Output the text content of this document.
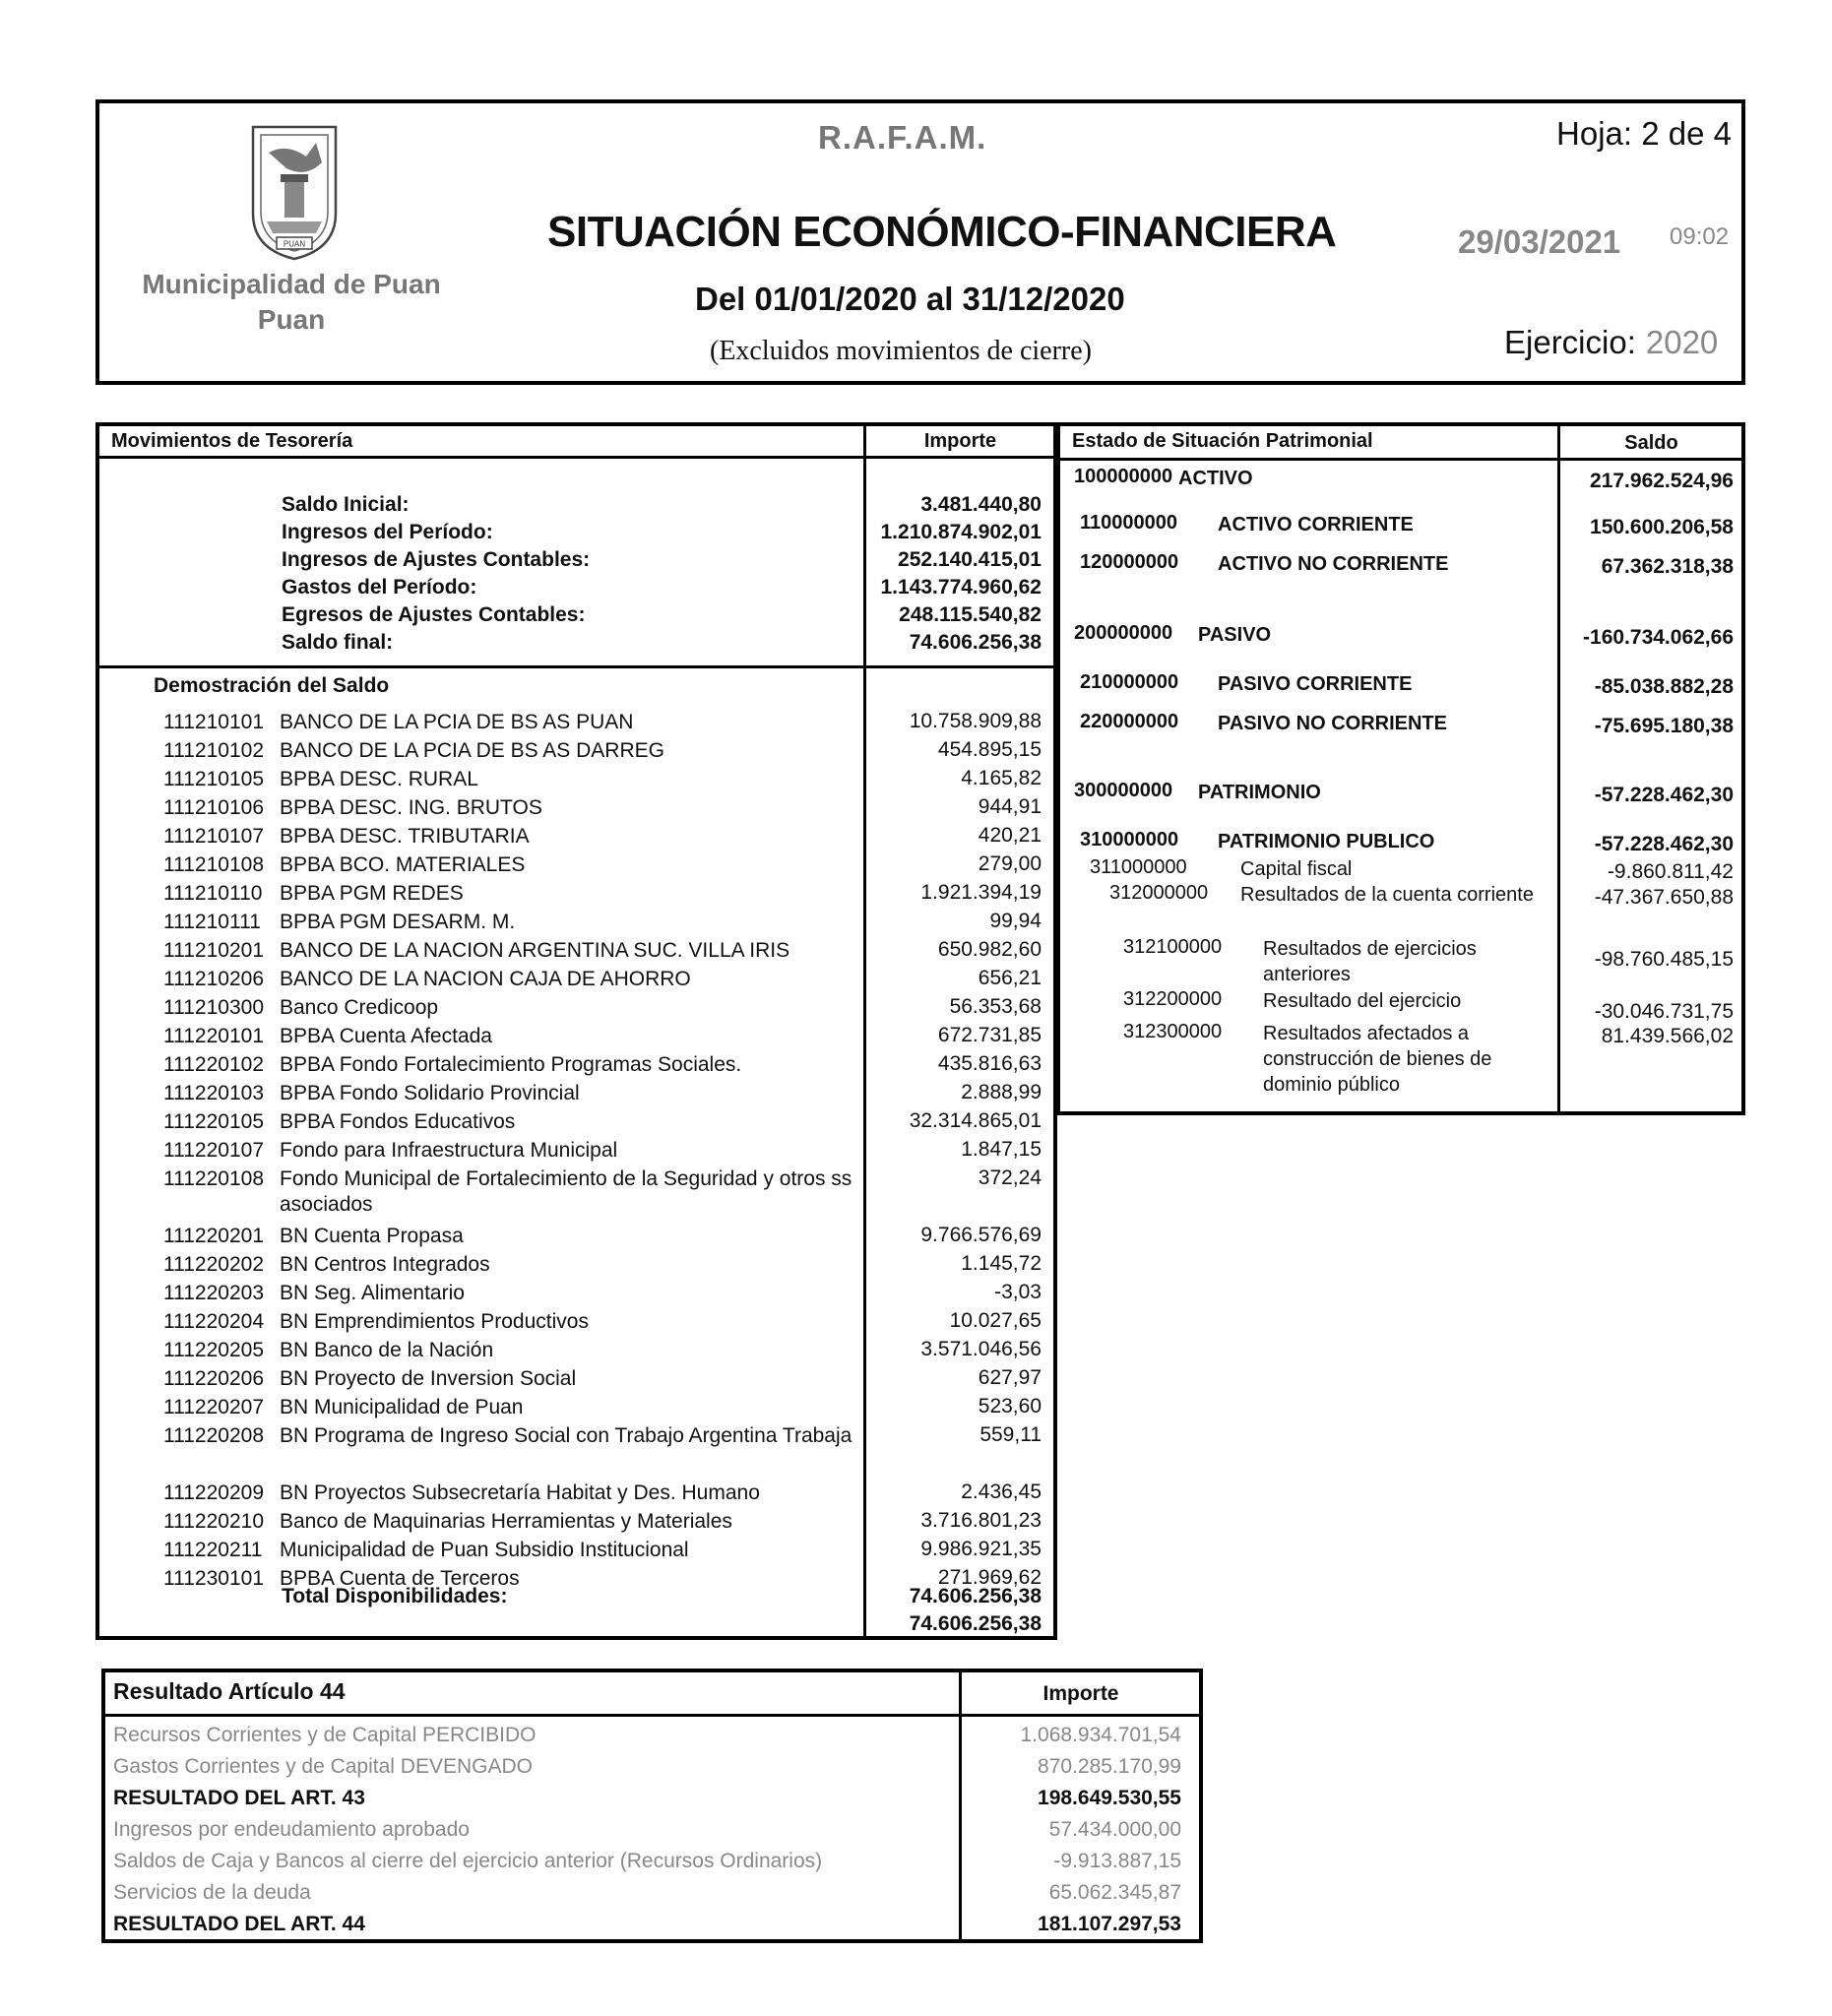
PUAN
Municipalidad de Puan
Puan
R.A.F.A.M.	Hoja: 2 de 4
SITUACIÓN ECONÓMICO-FINANCIERA	29/03/2021 09:02
Del 01/01/2020 al 31/12/2020
(Excluidos movimientos de cierre)	Ejercicio: 2020
Movimientos de Tesorería	Importe
Saldo Inicial:	3.481.440,80
Ingresos del Período:	1.210.874.902,01
Ingresos de Ajustes Contables:	252.140.415,01
Gastos del Período:	1.143.774.960,62
Egresos de Ajustes Contables:	248.115.540,82
Saldo final:	74.606.256,38
Demostración del Saldo
111210101 BANCO DE LA PCIA DE BS AS PUAN	10.758.909,88
111210102 BANCO DE LA PCIA DE BS AS DARREG	454.895,15
111210105 BPBA DESC. RURAL	4.165,82
111210106 BPBA DESC. ING. BRUTOS	944,91
111210107 BPBA DESC. TRIBUTARIA	420,21
111210108 BPBA BCO. MATERIALES	279,00
111210110 BPBA PGM REDES	1.921.394,19
111210111 BPBA PGM DESARM. M.	99,94
111210201 BANCO DE LA NACION ARGENTINA SUC. VILLA IRIS	650.982,60
111210206 BANCO DE LA NACION CAJA DE AHORRO	656,21
111210300 Banco Credicoop	56.353,68
111220101 BPBA Cuenta Afectada	672.731,85
111220102 BPBA Fondo Fortalecimiento Programas Sociales.	435.816,63
111220103 BPBA Fondo Solidario Provincial	2.888,99
111220105 BPBA Fondos Educativos	32.314.865,01
111220107 Fondo para Infraestructura Municipal	1.847,15
111220108 Fondo Municipal de Fortalecimiento de la Seguridad y otros ss asociados
372,24
111220201 BN Cuenta Propasa	9.766.576,69
111220202 BN Centros Integrados	1.145,72
111220203 BN Seg. Alimentario	-3,03
111220204 BN Emprendimientos Productivos	10.027,65
111220205 BN Banco de la Nación	3.571.046,56
111220206 BN Proyecto de Inversion Social	627,97
111220207 BN Municipalidad de Puan	523,60
111220208 BN Programa de Ingreso Social con Trabajo Argentina Trabaja	559,11
111220209 BN Proyectos Subsecretaría Habitat y Des. Humano	2.436,45
111220210 Banco de Maquinarias Herramientas y Materiales	3.716.801,23
111220211 Municipalidad de Puan Subsidio Institucional	9.986.921,35
111230101 BPBA Cuenta de Terceros	271.969,62
Total Disponibilidades:	74.606.256,38
74.606.256,38
Estado de Situación Patrimonial	Saldo
100000000 ACTIVO	217.962.524,96
110000000 ACTIVO CORRIENTE	150.600.206,58
120000000 ACTIVO NO CORRIENTE	67.362.318,38
200000000 PASIVO	-160.734.062,66
210000000 PASIVO CORRIENTE	-85.038.882,28
220000000 PASIVO NO CORRIENTE	-75.695.180,38
300000000 PATRIMONIO	-57.228.462,30
310000000 PATRIMONIO PUBLICO	-57.228.462,30
311000000	Capital fiscal	-9.860.811,42
312000000 Resultados de la cuenta corriente	-47.367.650,88
312100000 Resultados de ejercicios anteriores
-98.760.485,15
312200000 Resultado del ejercicio	-30.046.731,75
312300000 Resultados afectados a construcción de bienes de dominio público
81.439.566,02
Resultado Artículo 44	Importe
Recursos Corrientes y de Capital PERCIBIDO	1.068.934.701,54
Gastos Corrientes y de Capital DEVENGADO	870.285.170,99
RESULTADO DEL ART. 43	198.649.530,55
Ingresos por endeudamiento aprobado	57.434.000,00
Saldos de Caja y Bancos al cierre del ejercicio anterior (Recursos Ordinarios)	-9.913.887,15
Servicios de la deuda	65.062.345,87
RESULTADO DEL ART. 44	181.107.297,53
